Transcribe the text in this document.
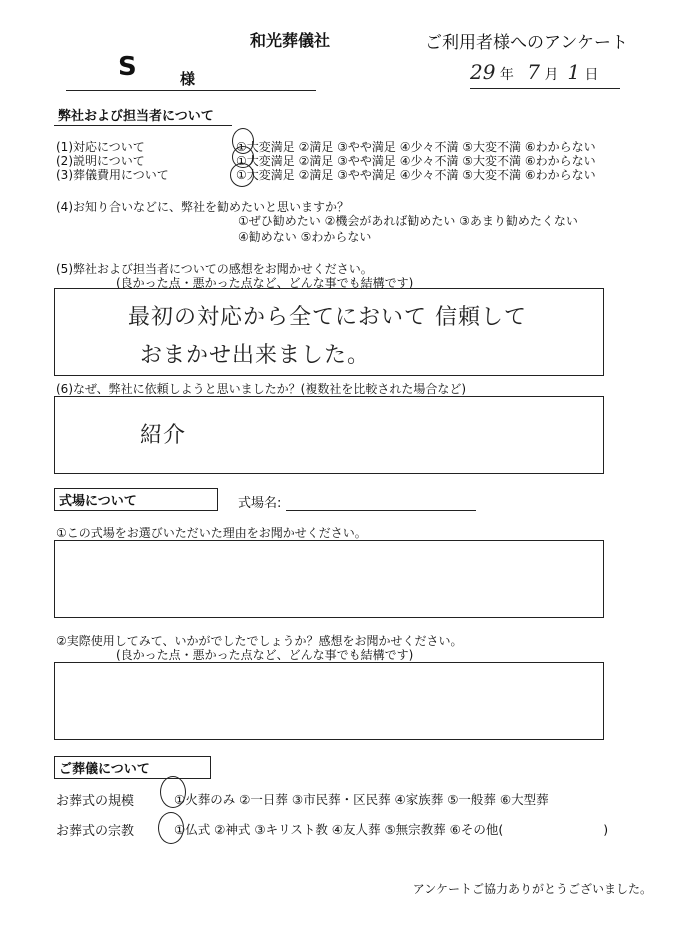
和光葬儀社	ご利用者様へのアンケート
S	様	29 年 7 月 1 日
弊社および担当者について
(1)対応について	①大変満足 ②満足 ③やや満足 ④少々不満 ⑤大変不満 ⑥わからない
(2)説明について	①大変満足 ②満足 ③やや満足 ④少々不満 ⑤大変不満 ⑥わからない
(3)葬儀費用について	①大変満足 ②満足 ③やや満足 ④少々不満 ⑤大変不満 ⑥わからない
(4)お知り合いなどに、弊社を勧めたいと思いますか？
①ぜひ勧めたい ②機会があれば勧めたい ③あまり勧めたくない
④勧めない ⑤わからない
(5)弊社および担当者についての感想をお聞かせください。
(良かった点・悪かった点など、どんな事でも結構です)
最初の対応から全てにおいて 信頼して
おまかせ出来ました。
(6)なぜ、弊社に依頼しようと思いましたか？(複数社を比較された場合など)
紹介
式場について	式場名:
①この式場をお選びいただいた理由をお聞かせください。
②実際使用してみて、いかがでしたでしょうか？感想をお聞かせください。
(良かった点・悪かった点など、どんな事でも結構です)
ご葬儀について
お葬式の規模	①火葬のみ ②一日葬 ③市民葬・区民葬 ④家族葬 ⑤一般葬 ⑥大型葬
お葬式の宗教	①仏式 ②神式 ③キリスト教 ④友人葬 ⑤無宗教葬 ⑥その他(　　　　　　　　)
アンケートご協力ありがとうございました。
